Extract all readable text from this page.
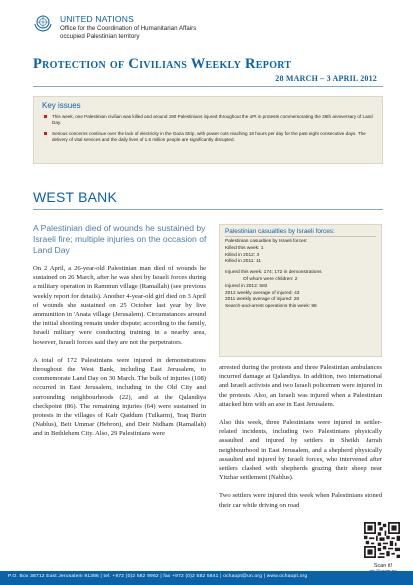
UNITED NATIONS
Office for the Coordination of Humanitarian Affairs
occupied Palestinian territory
Protection of Civilians Weekly Report
28 MARCH – 3 APRIL 2012
Key issues
This week, one Palestinian civilian was killed and around 190 Palestinians injured throughout the oPt in protests commemorating the 36th anniversary of Land Day.
Serious concerns continue over the lack of electricity in the Gaza Strip, with power cuts reaching 18 hours per day for the past eight consecutive days. The delivery of vital services and the daily lives of 1.6 million people are significantly disrupted.
WEST BANK
A Palestinian died of wounds he sustained by Israeli fire; multiple injuries on the occasion of Land Day

On 2 April, a 26-year-old Palestinian man died of wounds he sustained on 26 March, after he was shot by Israeli forces during a military operation in Rammun village (Ramallah) (see previous weekly report for details). Another 4-year-old girl died on 3 April of wounds she sustained on 25 October last year by live ammunition in 'Anata village (Jerusalem). Circumstances around the initial shooting remain under dispute; according to the family, Israeli military were conducting training in a nearby area, however, Israeli forces said they are not the perpetrators.

A total of 172 Palestinians were injured in demonstrations throughout the West Bank, including East Jerusalem, to commemorate Land Day on 30 March. The bulk of injuries (108) occurred in East Jerusalem, including in the Old City and surrounding neighbourhoods (22), and at the Qalandiya checkpoint (86). The remaining injuries (64) were sustained in protests in the villages of Kafr Qaddum (Tulkarm), 'Iraq Burin (Nablus), Beit Ummar (Hebron), and Deir Nidham (Ramallah) and in Bethlehem City. Also, 29 Palestinians were

Palestinian casualties by Israeli forces:
Palestinian casualties by Israeli forces:
Killed this week: 1
Killed in 2012: 3
Killed in 2011: 11
Injured this week: 174; 172 in demonstrations
Of whom were children: 2
Injured in 2012: 582
2012 weekly average of injured: 43
2011 weekly average of injured: 28
Search-and-arrest operations this week: 98

arrested during the protests and three Palestinian ambulances incurred damage at Qalandiya. In addition, two international and Israeli activists and two Israeli policemen were injured in the protests. Also, an Israeli was injured when a Palestinian attacked him with an axe in East Jerusalem.

Also this week, three Palestinians were injured in settler-related incidents, including two Palestinians physically assaulted and injured by settlers in Sheikh Jarrah neighbourhood in East Jerusalem, and a shepherd physically assaulted and injured by Israeli forces, who intervened after settlers clashed with shepherds grazing their sheep near Yitzhar settlement (Nablus).

Two settlers were injured this week when Palestinians stoned their car while driving on road

Scan it!
P.O. Box 38712 East Jerusalem 91386 | tel. +972 (0)2 582 9962 | fax +972 (0)2 582 5841 | ochaopt@un.org | www.ochaopt.org
